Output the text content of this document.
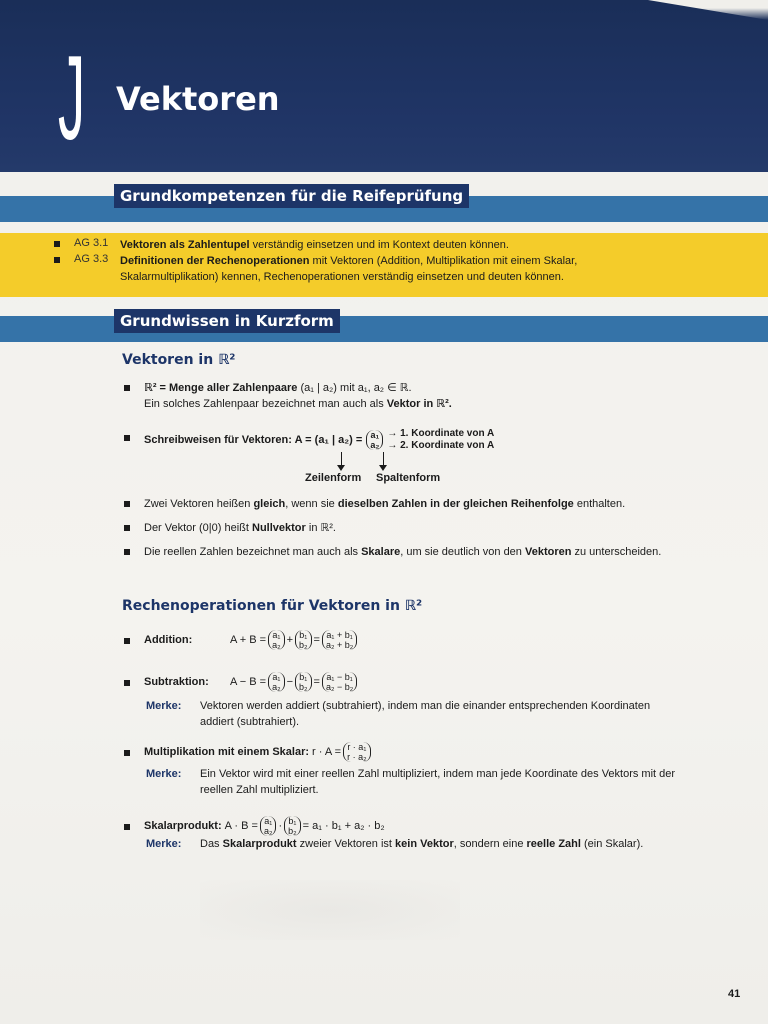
J Vektoren
Grundkompetenzen für die Reifeprüfung
AG 3.1	Vektoren als Zahlentupel verständig einsetzen und im Kontext deuten können.
AG 3.3	Definitionen der Rechenoperationen mit Vektoren (Addition, Multiplikation mit einem Skalar, Skalarmultiplikation) kennen, Rechenoperationen verständig einsetzen und deuten können.
Grundwissen in Kurzform
Vektoren in ℝ²
ℝ² = Menge aller Zahlenpaare (a₁ | a₂) mit a₁, a₂ ∈ ℝ.
Ein solches Zahlenpaar bezeichnet man auch als Vektor in ℝ².
Schreibweisen für Vektoren: A = (a₁ | a₂) = a₁
a₂
→ 1. Koordinate von A
→ 2. Koordinate von A
Zeilenform Spaltenform
Zwei Vektoren heißen gleich, wenn sie dieselben Zahlen in der gleichen Reihenfolge enthalten.
Der Vektor (0|0) heißt Nullvektor in ℝ².
Die reellen Zahlen bezeichnet man auch als Skalare, um sie deutlich von den Vektoren zu unterscheiden.
Rechenoperationen für Vektoren in ℝ²
Addition:	A + B = a₁
a₂ + b₁
b₂ = a₁ + b₁
a₂ + b₂
Subtraktion:	A − B = a₁
a₂ − b₁
b₂ = a₁ − b₁
a₂ − b₂
Merke: Vektoren werden addiert (subtrahiert), indem man die einander entsprechenden Koordinaten addiert (subtrahiert).
Multiplikation mit einem Skalar: r · A = r · a₁
r · a₂
Merke: Ein Vektor wird mit einer reellen Zahl multipliziert, indem man jede Koordinate des Vektors mit der reellen Zahl multipliziert.
Skalarprodukt: A · B = a₁
a₂ · b₁
b₂ = a₁ · b₁ + a₂ · b₂
Merke: Das Skalarprodukt zweier Vektoren ist kein Vektor, sondern eine reelle Zahl (ein Skalar).
41
